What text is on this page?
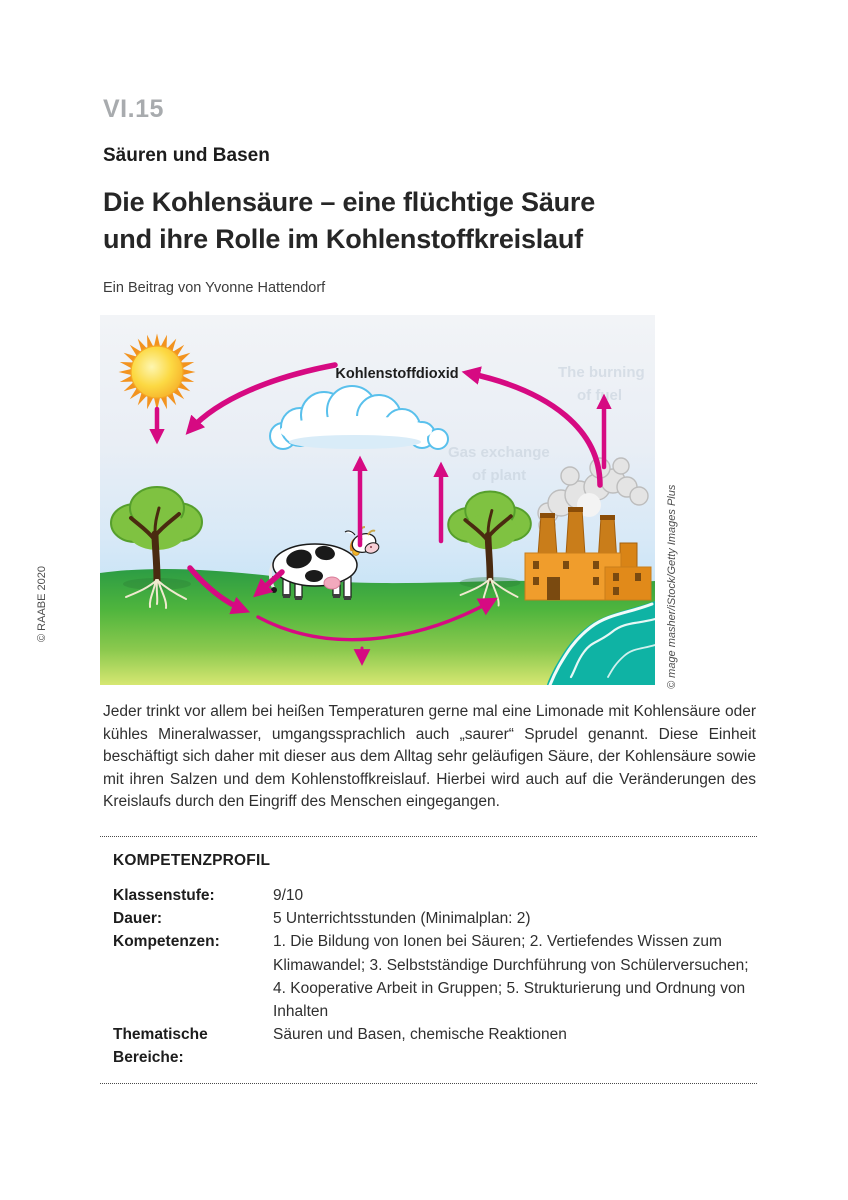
VI.15
Säuren und Basen
Die Kohlensäure – eine flüchtige Säure
und ihre Rolle im Kohlenstoffkreislauf
Ein Beitrag von Yvonne Hattendorf
© RAABE 2020	© mage masher/iStock/Getty Images Plus
The burning
of fuel
Gas exchange
of plant
Kohlenstoffdioxid

Jeder trinkt vor allem bei heißen Temperaturen gerne mal eine Limonade mit Kohlensäure oder kühles Mineralwasser, umgangssprachlich auch „saurer“ Sprudel genannt. Diese Einheit beschäftigt sich daher mit dieser aus dem Alltag sehr geläufigen Säure, der Kohlensäure sowie mit ihren Salzen und dem Kohlenstoffkreislauf. Hierbei wird auch auf die Veränderungen des Kreislaufs durch den Eingriff des Menschen eingegangen.

KOMPETENZPROFIL
Klassenstufe:	9/10
Dauer:	5 Unterrichtsstunden (Minimalplan: 2)
Kompetenzen:	1. Die Bildung von Ionen bei Säuren; 2. Vertiefendes Wissen zum Klimawandel; 3. Selbstständige Durchführung von Schülerversuchen; 4. Kooperative Arbeit in Gruppen; 5. Strukturierung und Ordnung von Inhalten
Thematische Bereiche:
Säuren und Basen, chemische Reaktionen
